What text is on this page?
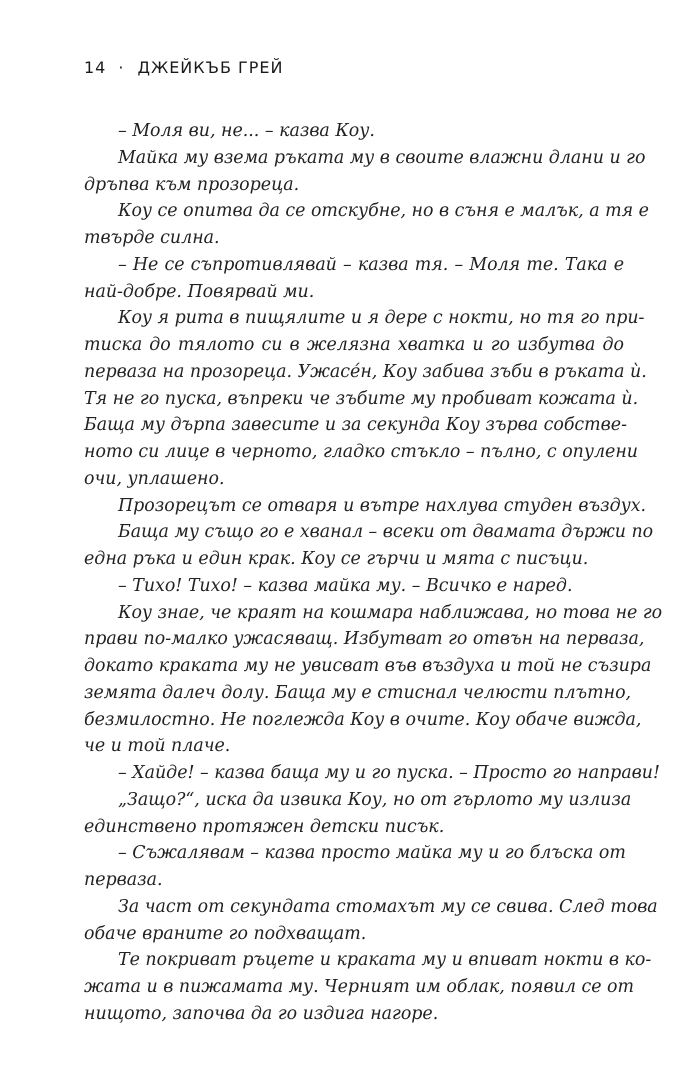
14 · ДЖЕЙКЪБ ГРЕЙ
– Моля ви, не... – казва Коу.
Майка му взема ръката му в своите влажни длани и го
дръпва към прозореца.
Коу се опитва да се отскубне, но в съня е малък, а тя е
твърде силна.
– Не се съпротивлявай – казва тя. – Моля те. Така е
най-добре. Повярвай ми.
Коу я рита в пищялите и я дере с нокти, но тя го при-
тиска до тялото си в желязна хватка и го избутва до
перваза на прозореца. Ужасе́н, Коу забива зъби в ръката ѝ.
Тя не го пуска, въпреки че зъбите му пробиват кожата ѝ.
Баща му дърпа завесите и за секунда Коу зърва собстве-
ното си лице в черното, гладко стъкло – пълно, с опулени
очи, уплашено.
Прозорецът се отваря и вътре нахлува студен въздух.
Баща му също го е хванал – всеки от двамата държи по
една ръка и един крак. Коу се гърчи и мята с писъци.
– Тихо! Тихо! – казва майка му. – Всичко е наред.
Коу знае, че краят на кошмара наближава, но това не го
прави по-малко ужасяващ. Избутват го отвън на перваза,
докато краката му не увисват във въздуха и той не съзира
земята далеч долу. Баща му е стиснал челюсти плътно,
безмилостно. Не поглежда Коу в очите. Коу обаче вижда,
че и той плаче.
– Хайде! – казва баща му и го пуска. – Просто го направи!
„Защо?“, иска да извика Коу, но от гърлото му излиза
единствено протяжен детски писък.
– Съжалявам – казва просто майка му и го блъска от
перваза.
За част от секундата стомахът му се свива. След това
обаче враните го подхващат.
Те покриват ръцете и краката му и впиват нокти в ко-
жата и в пижамата му. Черният им облак, появил се от
нищото, започва да го издига нагоре.
